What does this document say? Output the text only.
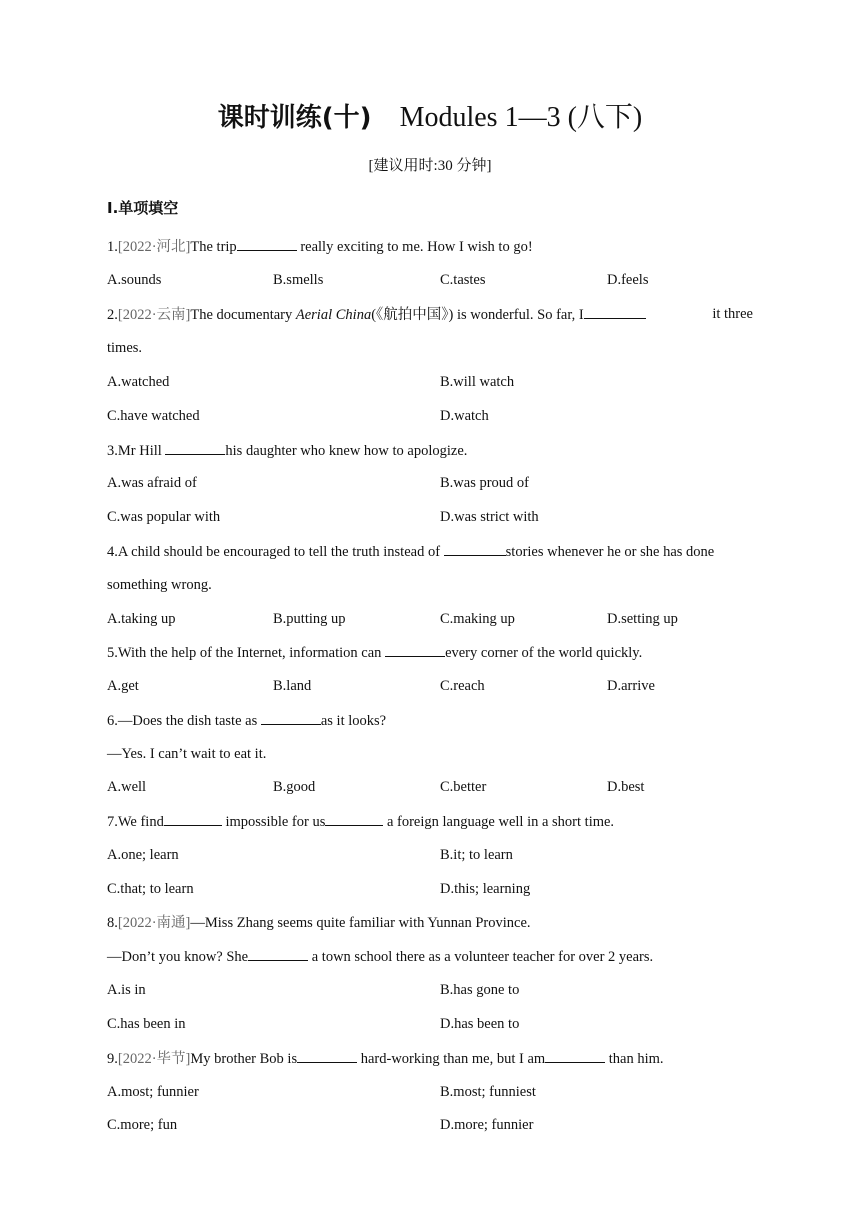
课时训练(十) Modules 1—3 (八下)
[建议用时:30 分钟]
Ⅰ.单项填空
1.[2022·河北]The trip	really exciting to me. How I wish to go!
A.sounds	B.smells	C.tastes	D.feels
2.[2022·云南]The documentary Aerial China(《航拍中国》) is wonderful. So far, I	it three
times.
A.watched	B.will watch
C.have watched	D.watch
3.Mr Hill	his daughter who knew how to apologize.
A.was afraid of	B.was proud of
C.was popular with	D.was strict with
4.A child should be encouraged to tell the truth instead of	stories whenever he or she has done
something wrong.
A.taking up	B.putting up	C.making up	D.setting up
5.With the help of the Internet, information can	every corner of the world quickly.
A.get	B.land	C.reach	D.arrive
6.—Does the dish taste as	as it looks?
—Yes. I can’t wait to eat it.
A.well	B.good	C.better	D.best
7.We find	impossible for us	a foreign language well in a short time.
A.one; learn	B.it; to learn
C.that; to learn	D.this; learning
8.[2022·南通]—Miss Zhang seems quite familiar with Yunnan Province.
—Don’t you know? She	a town school there as a volunteer teacher for over 2 years.
A.is in	B.has gone to
C.has been in	D.has been to
9.[2022·毕节]My brother Bob is	hard-working than me, but I am	than him.
A.most; funnier	B.most; funniest
C.more; fun	D.more; funnier
